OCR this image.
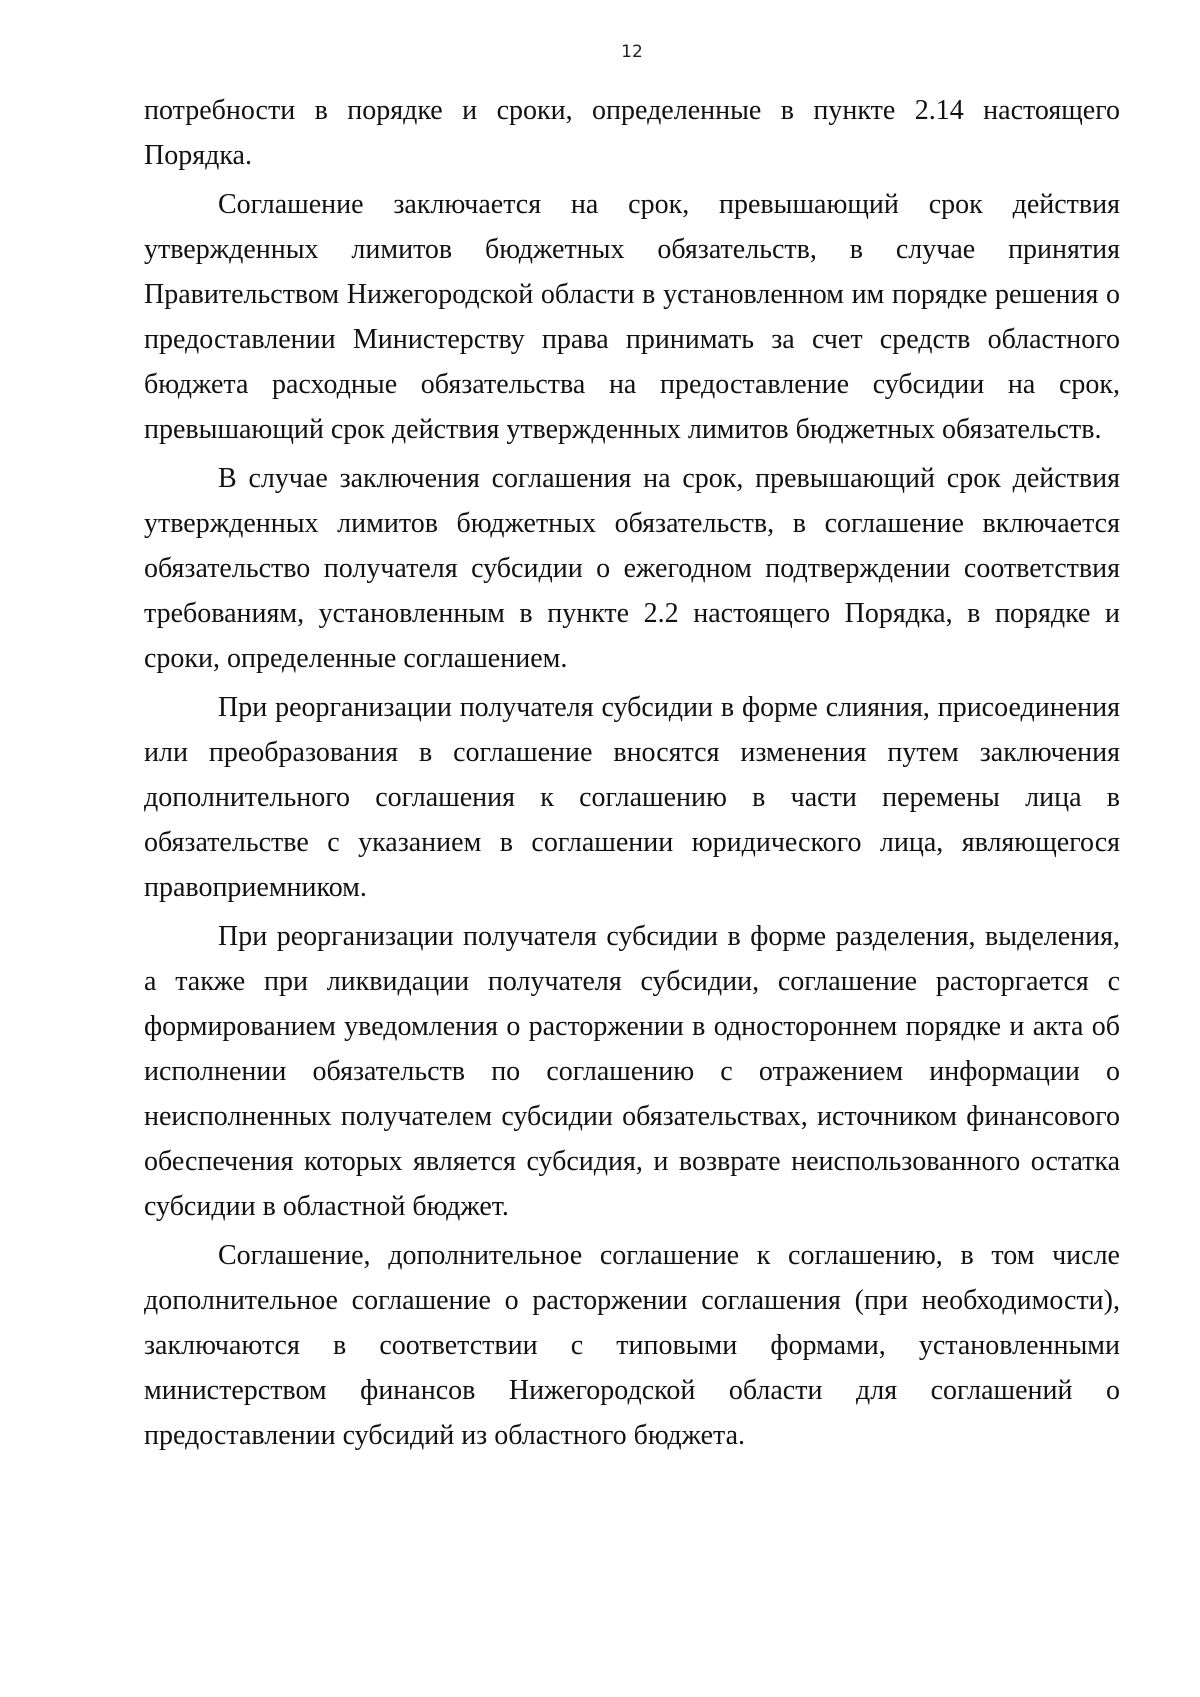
12

потребности в порядке и сроки, определенные в пункте 2.14 настоящего Порядка.

Соглашение заключается на срок, превышающий срок действия утвержденных лимитов бюджетных обязательств, в случае принятия Правительством Нижегородской области в установленном им порядке решения о предоставлении Министерству права принимать за счет средств областного бюджета расходные обязательства на предоставление субсидии на срок, превышающий срок действия утвержденных лимитов бюджетных обязательств.

В случае заключения соглашения на срок, превышающий срок действия утвержденных лимитов бюджетных обязательств, в соглашение включается обязательство получателя субсидии о ежегодном подтверждении соответствия требованиям, установленным в пункте 2.2 настоящего Порядка, в порядке и сроки, определенные соглашением.

При реорганизации получателя субсидии в форме слияния, присоединения или преобразования в соглашение вносятся изменения путем заключения дополнительного соглашения к соглашению в части перемены лица в обязательстве с указанием в соглашении юридического лица, являющегося правоприемником.

При реорганизации получателя субсидии в форме разделения, выделения, а также при ликвидации получателя субсидии, соглашение расторгается с формированием уведомления о расторжении в одностороннем порядке и акта об исполнении обязательств по соглашению с отражением информации о неисполненных получателем субсидии обязательствах, источником финансового обеспечения которых является субсидия, и возврате неиспользованного остатка субсидии в областной бюджет.

Соглашение, дополнительное соглашение к соглашению, в том числе дополнительное соглашение о расторжении соглашения (при необходимости), заключаются в соответствии с типовыми формами, установленными министерством финансов Нижегородской области для соглашений о предоставлении субсидий из областного бюджета.
